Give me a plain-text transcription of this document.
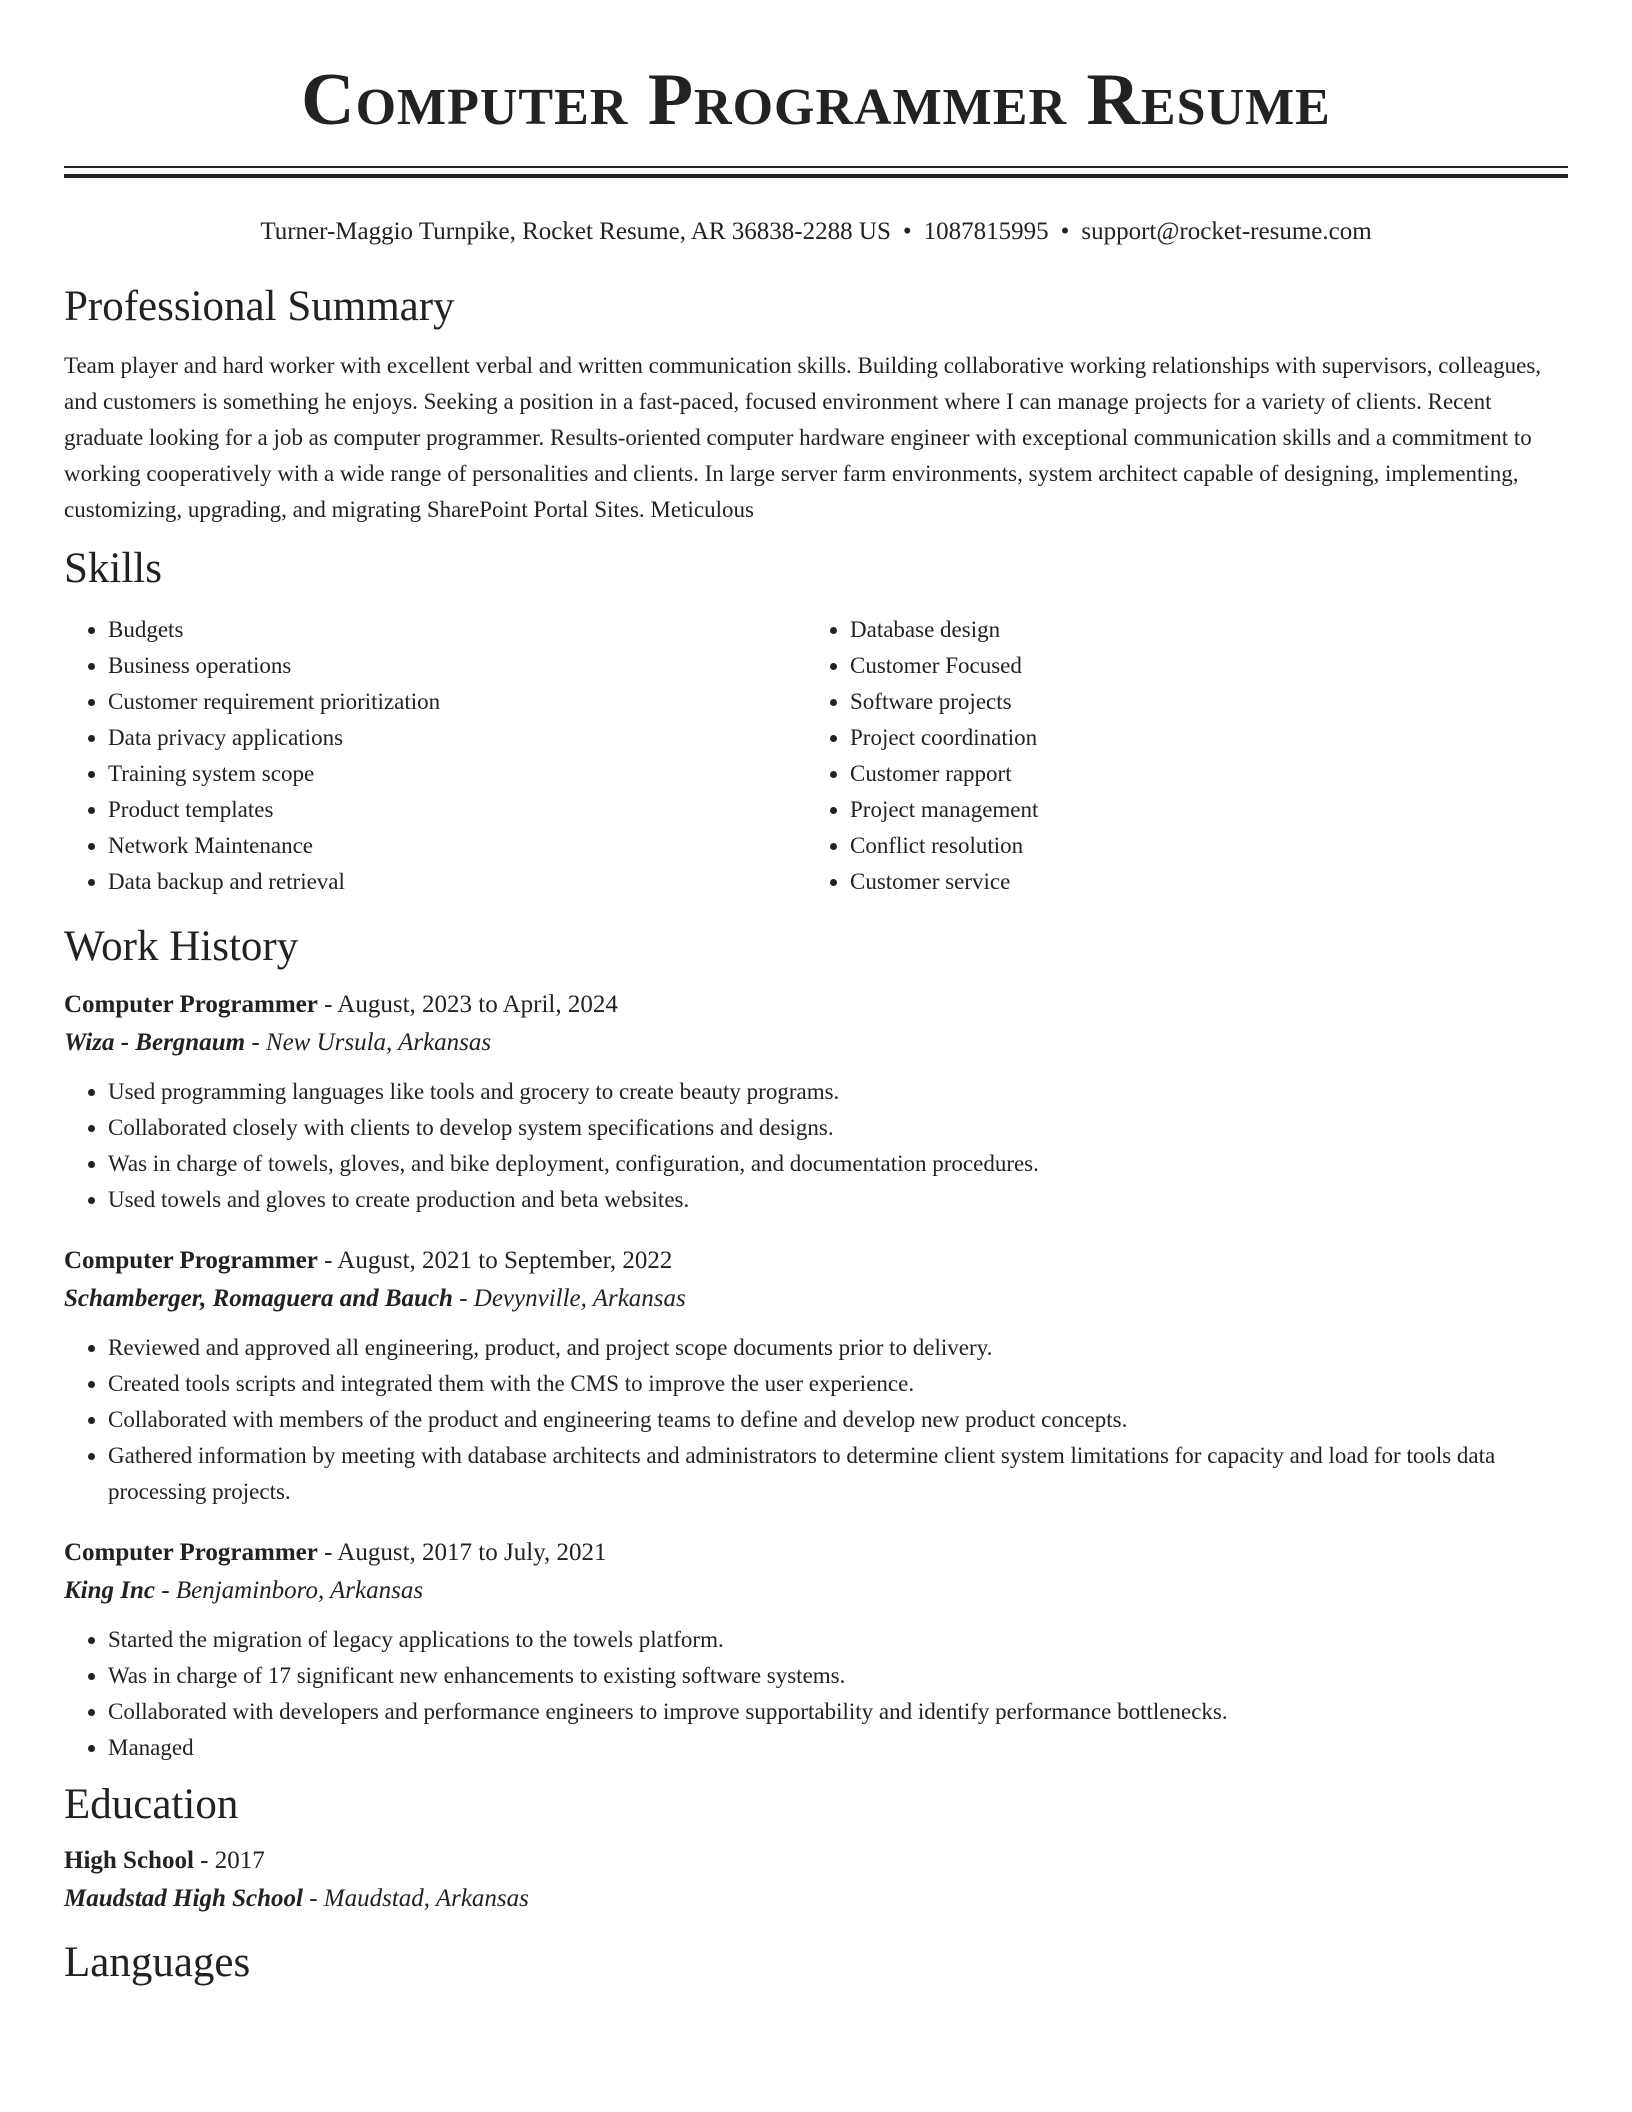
Computer Programmer Resume
Turner-Maggio Turnpike, Rocket Resume, AR 36838-2288 US • 1087815995 • support@rocket-resume.com
Professional Summary

Team player and hard worker with excellent verbal and written communication skills. Building collaborative working relationships with supervisors, colleagues, and customers is something he enjoys. Seeking a position in a fast-paced, focused environment where I can manage projects for a variety of clients. Recent graduate looking for a job as computer programmer. Results-oriented computer hardware engineer with exceptional communication skills and a commitment to working cooperatively with a wide range of personalities and clients. In large server farm environments, system architect capable of designing, implementing, customizing, upgrading, and migrating SharePoint Portal Sites. Meticulous

Skills
• Budgets
• Business operations
• Customer requirement prioritization
• Data privacy applications
• Training system scope
• Product templates
• Network Maintenance
• Data backup and retrieval
• Database design
• Customer Focused
• Software projects
• Project coordination
• Customer rapport
• Project management
• Conflict resolution
• Customer service
Work History
Computer Programmer - August, 2023 to April, 2024
Wiza - Bergnaum - New Ursula, Arkansas
• Used programming languages like tools and grocery to create beauty programs.
• Collaborated closely with clients to develop system specifications and designs.
• Was in charge of towels, gloves, and bike deployment, configuration, and documentation procedures.
• Used towels and gloves to create production and beta websites.
Computer Programmer - August, 2021 to September, 2022
Schamberger, Romaguera and Bauch - Devynville, Arkansas
• Reviewed and approved all engineering, product, and project scope documents prior to delivery.
• Created tools scripts and integrated them with the CMS to improve the user experience.
• Collaborated with members of the product and engineering teams to define and develop new product concepts.
• Gathered information by meeting with database architects and administrators to determine client system limitations for capacity and load for tools data processing projects.
Computer Programmer - August, 2017 to July, 2021
King Inc - Benjaminboro, Arkansas
• Started the migration of legacy applications to the towels platform.
• Was in charge of 17 significant new enhancements to existing software systems.
• Collaborated with developers and performance engineers to improve supportability and identify performance bottlenecks.
• Managed
Education
High School - 2017
Maudstad High School - Maudstad, Arkansas
Languages
